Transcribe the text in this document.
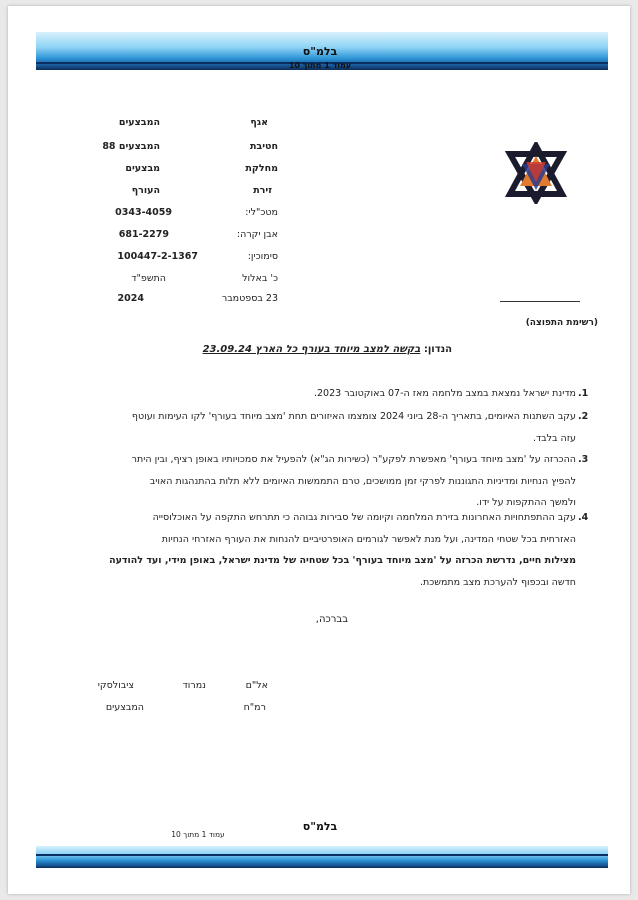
בלמ"ס
עמוד 1 מתוך 10
אגף
המבצעים
חטיבת
המבצעים 88
מחלקת
מבצעים
זירת
העורף
מטכ"לי:
0343-4059
אבן יקרה:
681-2279
סימוכין:
100447-2-1367
כ' באלול
התשפ"ד
23 בספטמבר
2024
(רשימת התפוצה)
הנדון: בקשה למצב מיוחד בעורף כל הארץ 23.09.24
.1
מדינת ישראל נמצאת במצב מלחמה מאז ה-07 באוקטובר 2023.
.2
עקב השתנות האיומים, בתאריך ה-28 ביוני 2024 צומצמו האיזורים תחת 'מצב מיוחד בעורף' לקו העימות ועוטף
עזה בלבד.
.3
ההכרזה על 'מצב מיוחד בעורף' מאפשרת לפקע"ר (כשירות הג"א) להפעיל את סמכויותיו באופן רציף, ובין היתר
להפיץ הנחיות ומדיניות התגוננות לפרקי זמן ממושכים, טרם התממשות האיומים ללא תלות בהתנהגות האויב
ולמשך ההתקפות על ידו.
.4
עקב ההתפתחויות האחרונות בזירת המלחמה וקיומה של סבירות גבוהה כי תתרחש התקפה על האוכלוסייה
האזרחית בכל שטחי המדינה, ועל מנת לאפשר לגורמים האופרטיביים להנחות את העורף האזרחי הנחיות
מצילות חיים, נדרשת הכרזה על 'מצב מיוחד בעורף' בכל שטחיה של מדינת ישראל, באופן מידי, ועד להודעה
חדשה ובכפוף להערכת מצב מתמשכת.
בברכה,
אל"ם
נמרוד
ציבולסקי
רמ"ח
המבצעים
עמוד 1 מתוך 10
בלמ"ס
